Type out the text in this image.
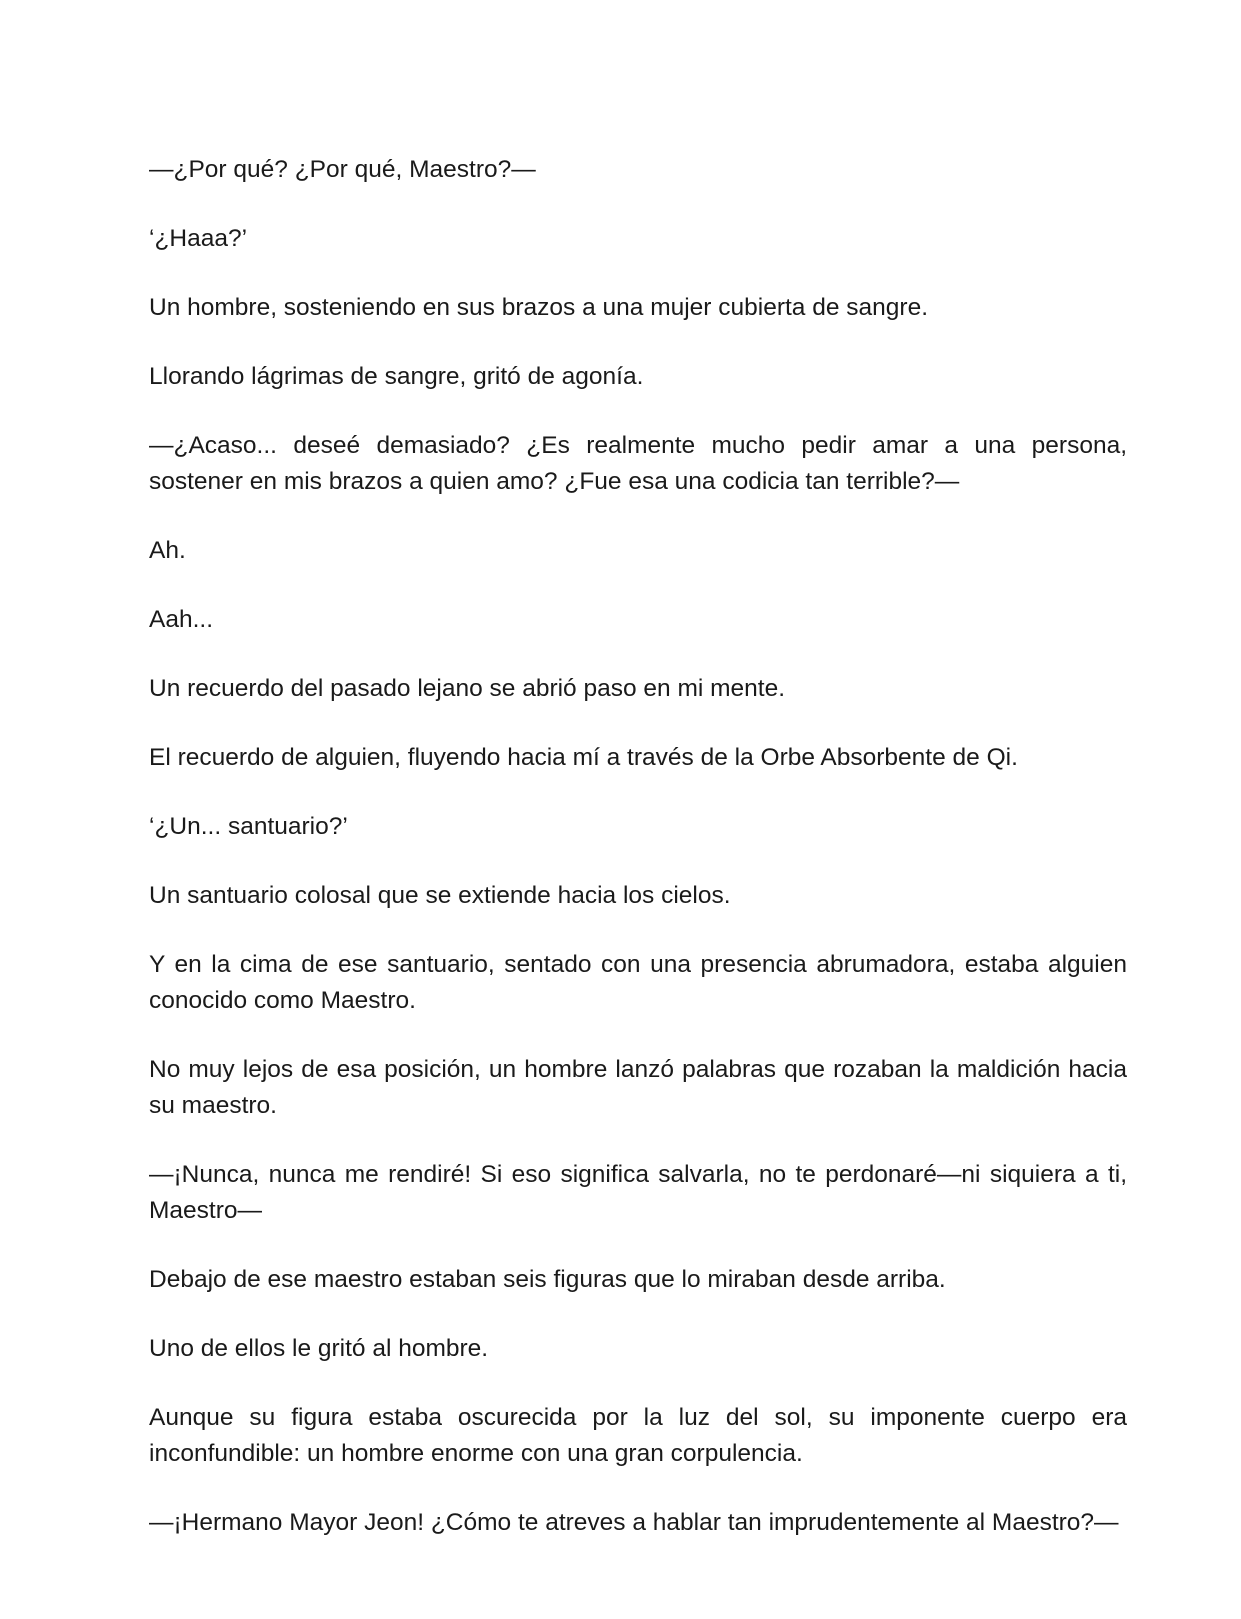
—¿Por qué? ¿Por qué, Maestro?—

‘¿Haaa?’

Un hombre, sosteniendo en sus brazos a una mujer cubierta de sangre.

Llorando lágrimas de sangre, gritó de agonía.

—¿Acaso... deseé demasiado? ¿Es realmente mucho pedir amar a una persona, sostener en mis brazos a quien amo? ¿Fue esa una codicia tan terrible?—

Ah.

Aah...

Un recuerdo del pasado lejano se abrió paso en mi mente.

El recuerdo de alguien, fluyendo hacia mí a través de la Orbe Absorbente de Qi.

‘¿Un... santuario?’

Un santuario colosal que se extiende hacia los cielos.

Y en la cima de ese santuario, sentado con una presencia abrumadora, estaba alguien conocido como Maestro.

No muy lejos de esa posición, un hombre lanzó palabras que rozaban la maldición hacia su maestro.

—¡Nunca, nunca me rendiré! Si eso significa salvarla, no te perdonaré—ni siquiera a ti, Maestro—

Debajo de ese maestro estaban seis figuras que lo miraban desde arriba.

Uno de ellos le gritó al hombre.

Aunque su figura estaba oscurecida por la luz del sol, su imponente cuerpo era inconfundible: un hombre enorme con una gran corpulencia.

—¡Hermano Mayor Jeon! ¿Cómo te atreves a hablar tan imprudentemente al Maestro?—
